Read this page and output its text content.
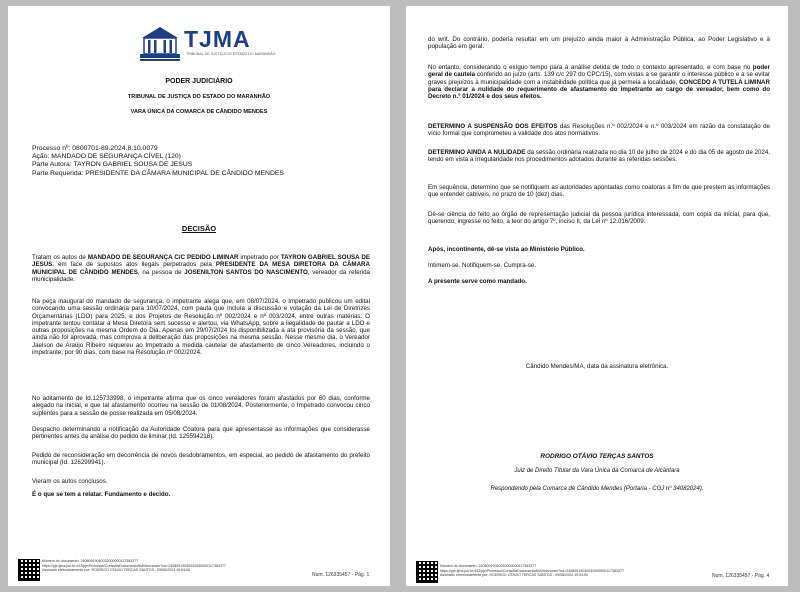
TJMA
TRIBUNAL DE JUSTIÇA DO ESTADO DO MARANHÃO
PODER JUDICIÁRIO
TRIBUNAL DE JUSTIÇA DO ESTADO DO MARANHÃO
VARA ÚNICA DA COMARCA DE CÂNDIDO MENDES
Processo nº: 0800701-89.2024.8.10.0079
Ação: MANDADO DE SEGURANÇA CÍVEL (120)
Parte Autora: TAYRON GABRIEL SOUSA DE JESUS
Parte Requerida: PRESIDENTE DA CÂMARA MUNICIPAL DE CÂNDIDO MENDES
DECISÃO
Tratam os autos de MANDADO DE SEGURANÇA C/C PEDIDO LIMINAR impetrado por TAYRON GABRIEL SOUSA DE JESUS, em face de supostos atos ilegais perpetrados pela PRESIDENTE DA MESA DIRETORA DA CÂMARA MUNICIPAL DE CÂNDIDO MENDES, na pessoa de JOSENILTON SANTOS DO NASCIMENTO, vereador da referida municipalidade.
Na peça inaugural do mandado de segurança, o impetrante alega que, em 08/07/2024, o Impetrado publicou um edital convocando uma sessão ordinária para 10/07/2024, com pauta que incluía a discussão e votação da Lei de Diretrizes Orçamentárias (LDO) para 2025, e dos Projetos de Resolução nº 002/2024 e nº 003/2024, entre outras matérias. O impetrante tentou contatar a Mesa Diretora sem sucesso e alertou, via WhatsApp, sobre a ilegalidade de pautar a LDO e outras proposições na mesma Ordem do Dia. Apenas em 29/07/2024 foi disponibilizada a ata provisória da sessão, que ainda não foi aprovada, mas comprova a deliberação das proposições na mesma sessão. Nesse mesmo dia, o Vereador Jaelson de Araújo Ribeiro requereu ao Impetrado a medida cautelar de afastamento de cinco Vereadores, incluindo o impetrante, por 90 dias, com base na Resolução nº 002/2024.
No aditamento de Id.125733998, o impetrante afirma que os cinco vereadores foram afastados por 60 dias, conforme alegado na inicial, e que tal afastamento ocorreu na sessão de 01/08/2024. Posteriormente, o Impetrado convocou cinco suplentes para a sessão de posse realizada em 05/08/2024.
Despacho determinando a notificação da Autoridade Coatora para que apresentasse as informações que considerasse pertinentes antes da análise do pedido de liminar (Id. 125594218).
Pedido de reconsideração em decorrência de novos desdobramentos, em especial, ao pedido de afastamento do prefeito municipal (Id. 126299941).
Vieram os autos conclusos.
É o que se tem a relatar. Fundamento e decido.
Número do documento: 24080919040032000000117383377
https://pje.tjma.jus.br:443/pje/Processo/ConsultaDocumento/listView.seam?nd=24080919040032000000117383377
Assinado eletronicamente por: RODRIGO OTAVIO TERCAS SANTOS - 09/08/2024 19:04:00
Num. 126335457 - Pág. 1
do writ. Do contrário, poderia resultar em um prejuízo ainda maior à Administração Pública, ao Poder Legislativo e à população em geral.
No entanto, considerando o exíguo tempo para a análise detida de todo o contexto apresentado, e com base no poder geral de cautela conferido ao juízo (arts. 139 c/c 297 do CPC/15), com vistas a se garantir o interesse público e a se evitar graves prejuízos à municipalidade com a instabilidade política que já permeia a localidade, CONCEDO A TUTELA LIMINAR para declarar a nulidade do requerimento de afastamento do impetrante ao cargo de vereador, bem como do Decreto n.º 01/2024 e dos seus efeitos.
DETERMINO A SUSPENSÃO DOS EFEITOS das Resoluções n.º 002/2024 e n.º 003/2024 em razão da constatação de vício formal que comprometeu a validade dos atos normativos.
DETERMINO AINDA A NULIDADE da sessão ordinária realizada no dia 10 de julho de 2024 e do dia 05 de agosto de 2024, tendo em vista a irregularidade nos procedimentos adotados durante as referidas sessões.
Em sequência, determino que se notifiquem as autoridades apontadas como coatoras a fim de que prestem as informações que entender cabíveis, no prazo de 10 (dez) dias.
Dê-se ciência do feito ao órgão de representação judicial da pessoa jurídica interessada, com cópia da inicial, para que, querendo, ingresse no feito, a teor do artigo 7º, inciso II, da Lei nº 12.016/2009.
Após, incontinente, dê-se vista ao Ministério Público.
Intimem-se. Notifiquem-se. Cumpra-se.
A presente serve como mandado.
Cândido Mendes/MA, data da assinatura eletrônica.
RODRIGO OTÁVIO TERÇAS SANTOS
Juiz de Direito Titular da Vara Única da Comarca de Alcântara
Respondendo pela Comarca de Cândido Mendes (Portaria - CGJ nº 34082024).
Número do documento: 24080919040032000000117383377
https://pje.tjma.jus.br:443/pje/Processo/ConsultaDocumento/listView.seam?nd=24080919040032000000117383377
Assinado eletronicamente por: RODRIGO OTAVIO TERCAS SANTOS - 09/08/2024 19:04:00	Num. 126335457 - Pág. 4
